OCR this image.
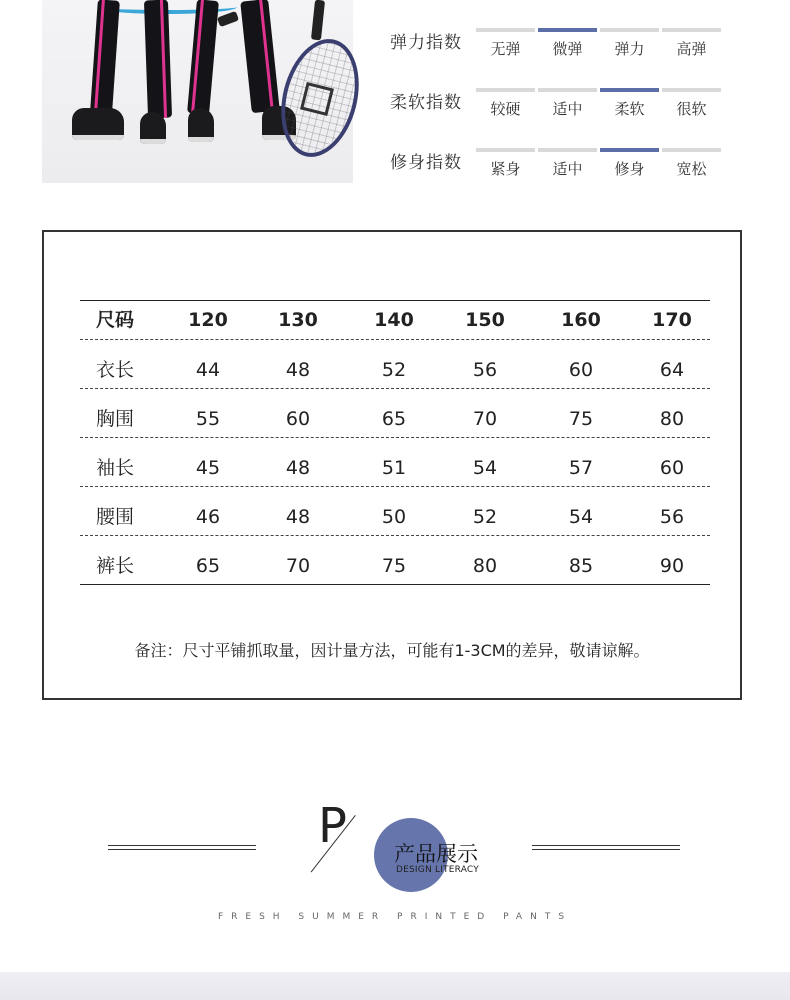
弹力指数	无弹	微弹	弹力	高弹
柔软指数	较硬	适中	柔软	很软
修身指数	紧身	适中	修身	宽松
尺码	120	130	140	150	160	170
衣长	44	48	52	56	60	64
胸围	55	60	65	70	75	80
袖长	45	48	51	54	57	60
腰围	46	48	50	52	54	56
裤长	65	70	75	80	85	90
备注：尺寸平铺抓取量，因计量方法，可能有1-3CM的差异，敬请谅解。
P 产品展示
DESIGN LITERACY
FRESH SUMMER PRINTED PANTS
